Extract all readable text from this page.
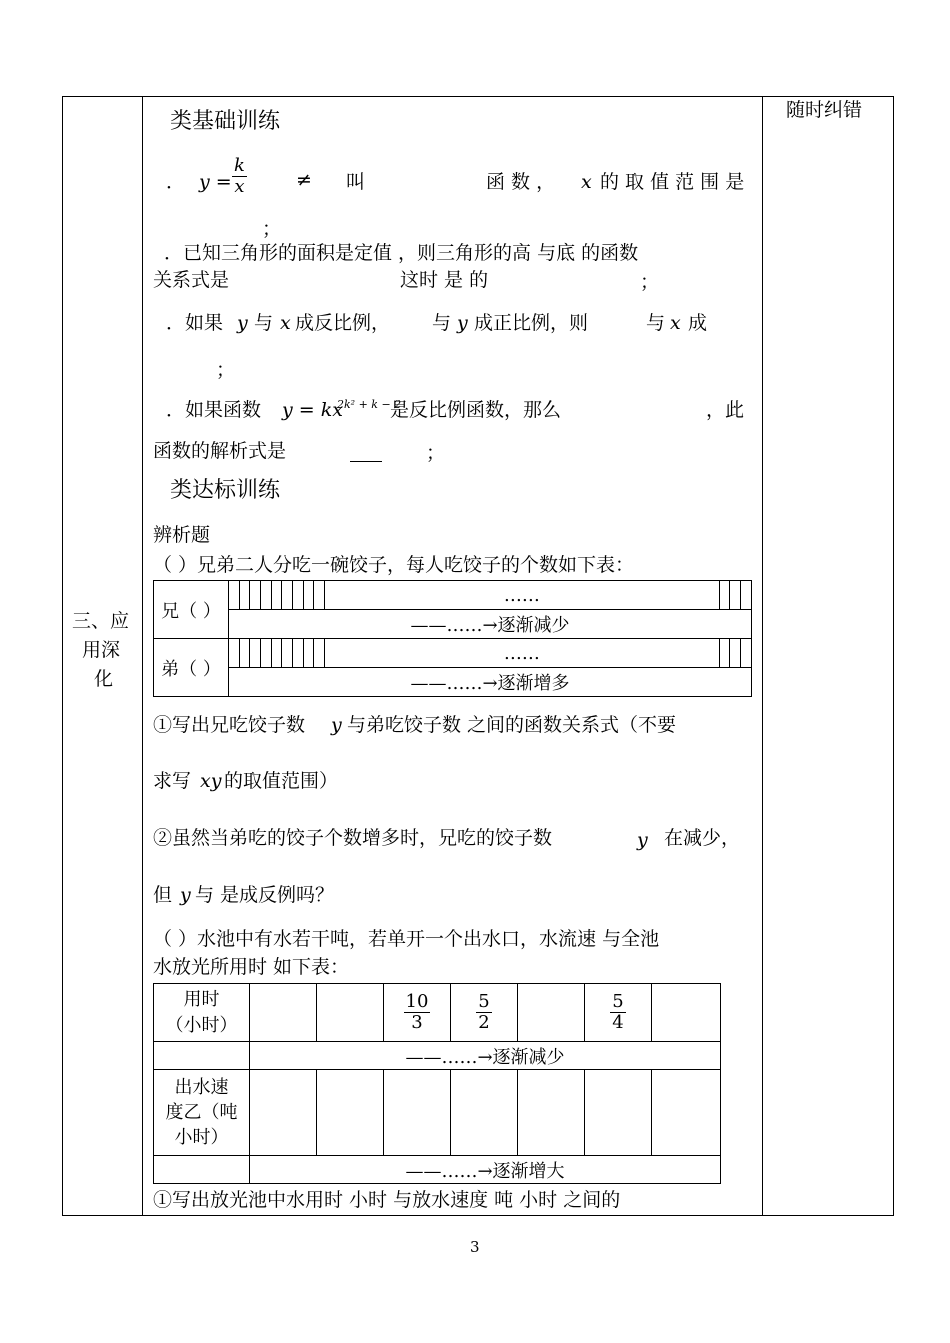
三、应
用深
化
随时纠错
类基础训练
． $y = \frac{k}{x}$	≠ 叫	函 数 ， x 的 取 值 范 围 是
；
．已知三角形的面积是定值 ，则三角形的高 与底 的函数
关系式是	这时 是 的	；
．如果 y 与 x 成反比例， 与 y 成正比例，则	与 x 成
；
．如果函数 y = kx
2k² + k − 2
是反比例函数，那么	，此
函数的解析式是	；
类达标训练
辨析题
（ ）兄弟二人分吃一碗饺子，每人吃饺子的个数如下表：
兄（ ）										……			
	——……→逐渐减少												
弟（ ）										……			
	——……→逐渐增多												
①写出兄吃饺子数 y 与弟吃饺子数 之间的函数关系式（不要
求写 xy 的取值范围）
②虽然当弟吃的饺子个数增多时，兄吃的饺子数	y 在减少，
但 y 与 是成反例吗？
（ ）水池中有水若干吨，若单开一个出水口，水流速 与全池
水放光所用时 如下表：
用时
（小时）			$\frac{10}{3}$	$\frac{5}{2}$		$\frac{5}{4}$

	——……→逐渐减少						
出水速
度乙（吨
小时）							
	——……→逐渐增大						
①写出放光池中水用时 小时 与放水速度 吨 小时 之间的
3
